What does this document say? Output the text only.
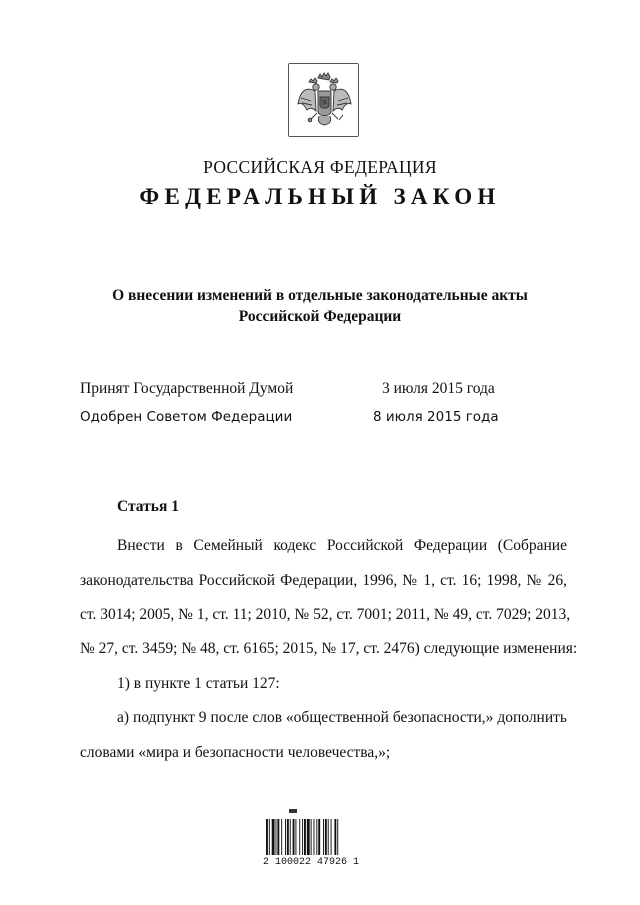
РОССИЙСКАЯ ФЕДЕРАЦИЯ
ФЕДЕРАЛЬНЫЙ ЗАКОН
О внесении изменений в отдельные законодательные акты
Российской Федерации
Принят Государственной Думой	3 июля 2015 года
Одобрен Советом Федерации	8 июля 2015 года
Статья 1
Внести в Семейный кодекс Российской Федерации (Собрание
законодательства Российской Федерации, 1996, № 1, ст. 16; 1998, № 26,
ст. 3014; 2005, № 1, ст. 11; 2010, № 52, ст. 7001; 2011, № 49, ст. 7029; 2013,
№ 27, ст. 3459; № 48, ст. 6165; 2015, № 17, ст. 2476) следующие изменения:
1) в пункте 1 статьи 127:
а) подпункт 9 после слов «общественной безопасности,» дополнить
словами «мира и безопасности человечества,»;
2 100022 47926 1
